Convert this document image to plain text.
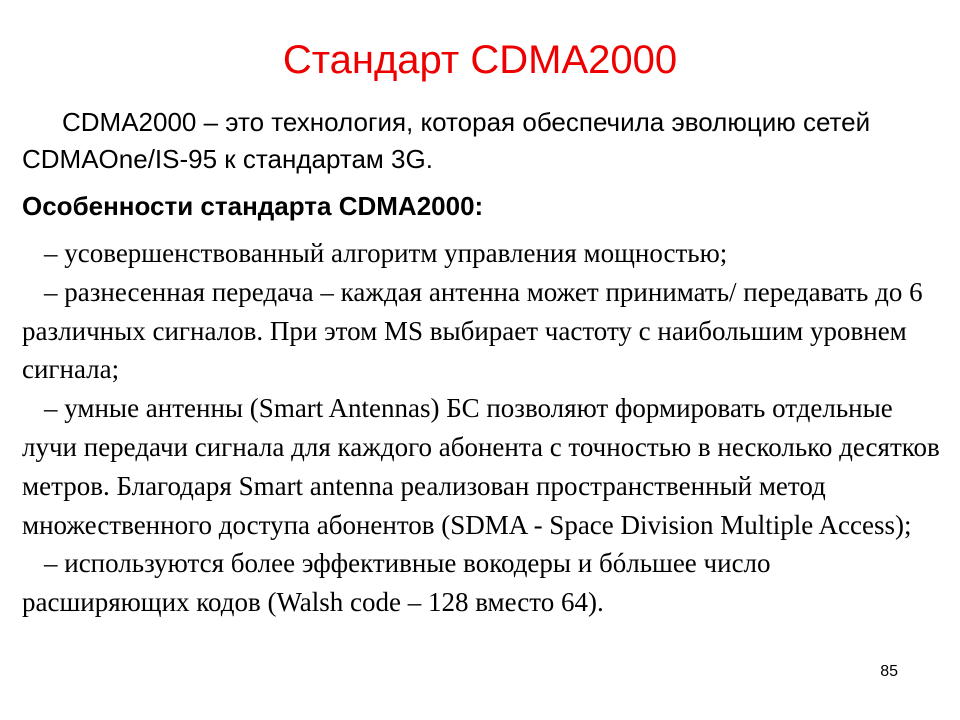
Стандарт CDMA2000
CDMA2000 – это технология, которая обеспечила эволюцию сетей CDMAOne/IS-95 к стандартам 3G.
Особенности стандарта CDMA2000:
– усовершенствованный алгоритм управления мощностью;
– разнесенная передача – каждая антенна может принимать/ передавать до 6 различных сигналов. При этом MS выбирает частоту с наибольшим уровнем сигнала;
– умные антенны (Smart Antennas) БС позволяют формировать отдельные лучи передачи сигнала для каждого абонента с точностью в несколько десятков метров. Благодаря Smart antenna реализован пространственный метод множественного доступа абонентов (SDMA - Space Division Multiple Access);
– используются более эффективные вокодеры и бóльшее число расширяющих кодов (Walsh code – 128 вместо 64).
85
